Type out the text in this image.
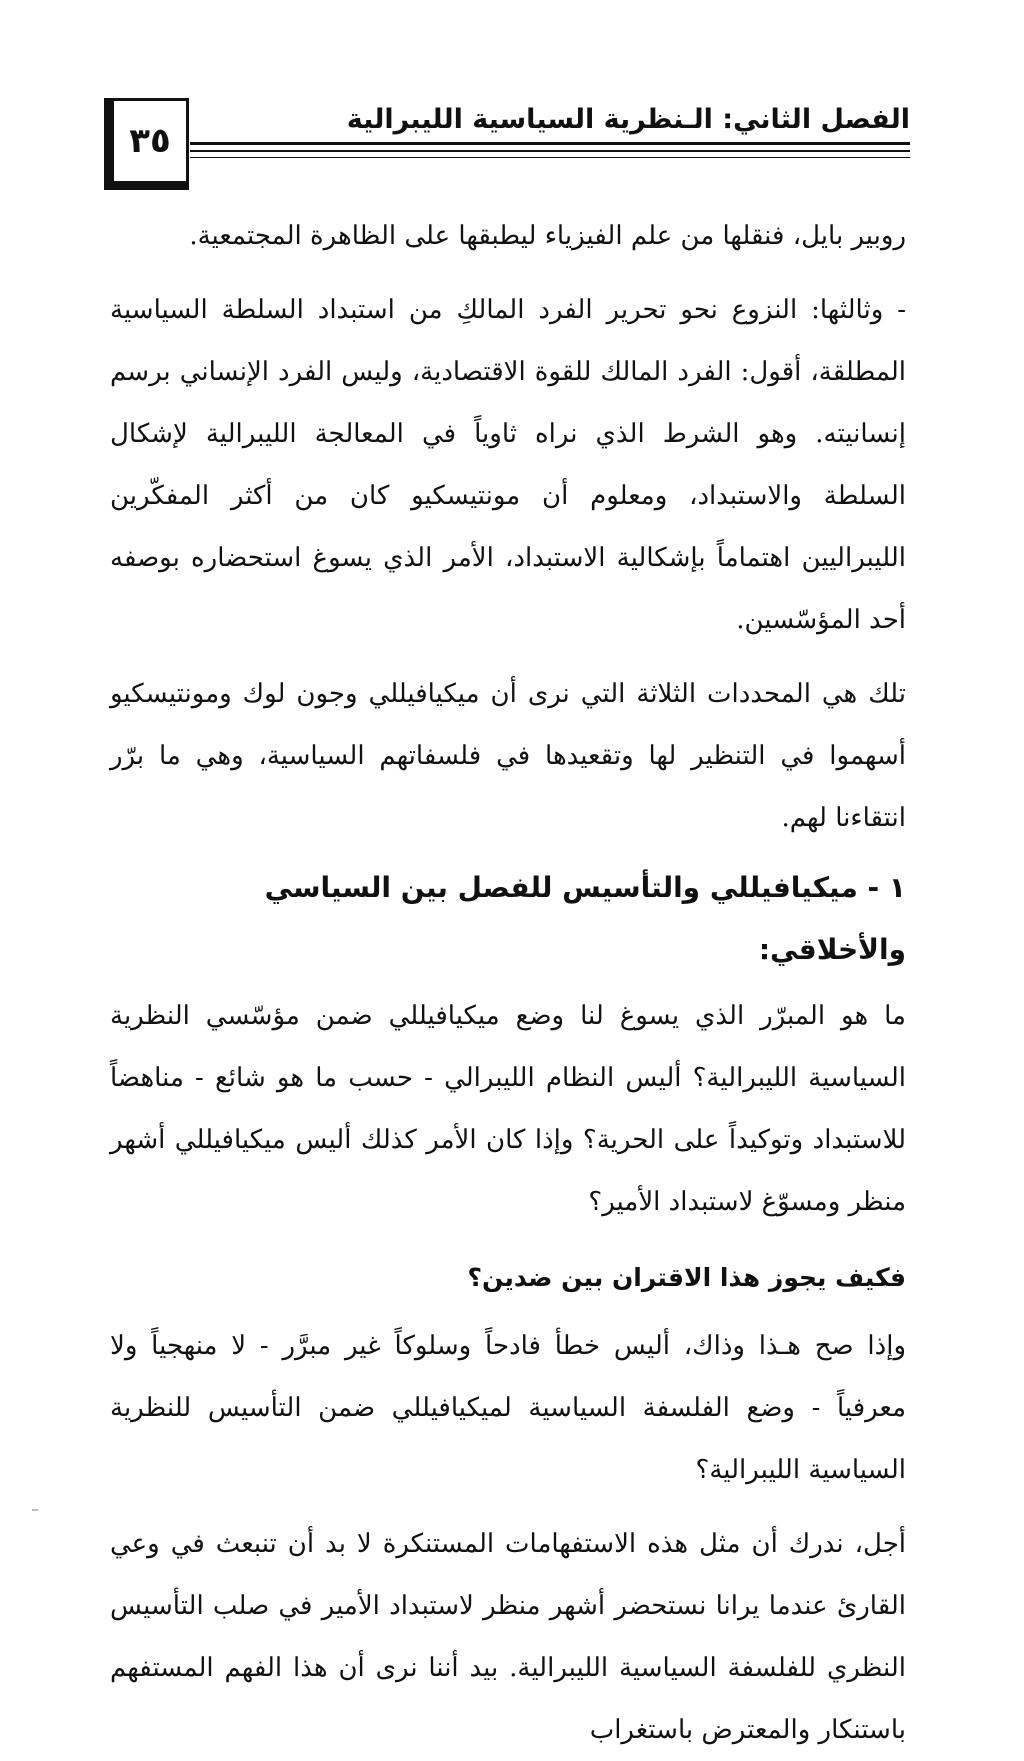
٣٥
الفصل الثاني: الـنظرية السياسية الليبرالية

روبير بايل، فنقلها من علم الفيزياء ليطبقها على الظاهرة المجتمعية.

- وثالثها: النزوع نحو تحرير الفرد المالكِ من استبداد السلطة السياسية المطلقة، أقول: الفرد المالك للقوة الاقتصادية، وليس الفرد الإنساني برسم إنسانيته. وهو الشرط الذي نراه ثاوياً في المعالجة الليبرالية لإشكال السلطة والاستبداد، ومعلوم أن مونتيسكيو كان من أكثر المفكّرين الليبراليين اهتماماً بإشكالية الاستبداد، الأمر الذي يسوغ استحضاره بوصفه أحد المؤسّسين.

تلك هي المحددات الثلاثة التي نرى أن ميكيافيللي وجون لوك ومونتيسكيو أسهموا في التنظير لها وتقعيدها في فلسفاتهم السياسية، وهي ما برّر انتقاءنا لهم.

١ - ميكيافيللي والتأسيس للفصل بين السياسي والأخلاقي:

ما هو المبرّر الذي يسوغ لنا وضع ميكيافيللي ضمن مؤسّسي النظرية السياسية الليبرالية؟ أليس النظام الليبرالي - حسب ما هو شائع - مناهضاً للاستبداد وتوكيداً على الحرية؟ وإذا كان الأمر كذلك أليس ميكيافيللي أشهر منظر ومسوّغ لاستبداد الأمير؟

فكيف يجوز هذا الاقتران بين ضدين؟

وإذا صح هـذا وذاك، أليس خطأ فادحاً وسلوكاً غير مبرَّر - لا منهجياً ولا معرفياً - وضع الفلسفة السياسية لميكيافيللي ضمن التأسيس للنظرية السياسية الليبرالية؟

أجل، ندرك أن مثل هذه الاستفهامات المستنكرة لا بد أن تنبعث في وعي القارئ عندما يرانا نستحضر أشهر منظر لاستبداد الأمير في صلب التأسيس النظري للفلسفة السياسية الليبرالية. بيد أننا نرى أن هذا الفهم المستفهم باستنكار والمعترض باستغراب
